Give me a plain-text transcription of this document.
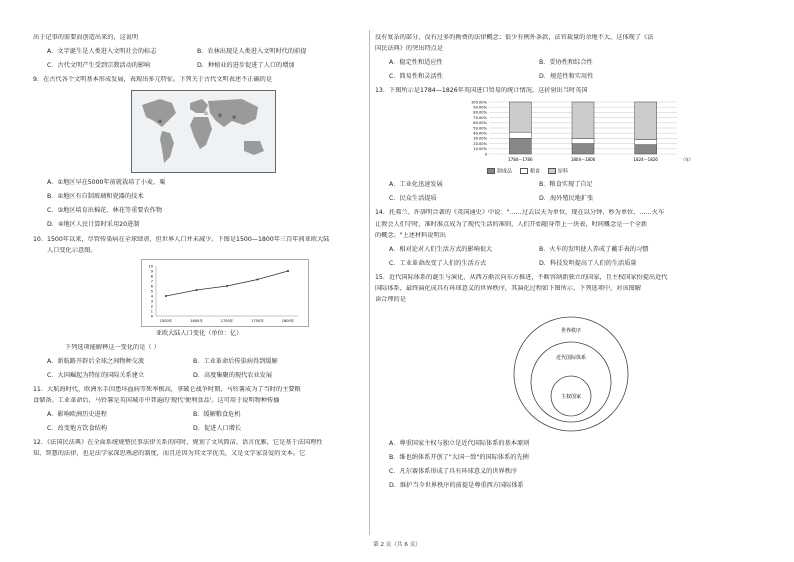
出于记事的需要而创造出来的，这说明

A．文字诞生是人类进入文明社会的标志	B．农林出现是人类进入文明时代的前提
C．古代文明产生受到宗教活动的影响	D．种植业的进步促进了人口的增加

9．在古代各个文明基本形成发展，表现出多元特征。下列关于古代文明表述不正确的是

① ② ③
④
A．①地区早在5000年前就栽培了小麦、粟
B．②地区有自制玻璃和瓷器的技术
C．③地区培育出棉花、林花等重要农作物
D．④地区人民计算时采用20进制

10．1500年以来，尽管传染病在全球肆虐，但世界人口并未减少。下图是1500—1800年三百年间亚欧大陆

人口变化示意图。

0
1
2
3
4
5
6
7
8
9
10
1500年	1600年	1700年	1750年	1800年
亚欧大陆人口变化（单位：亿）

下列选项能解释这一变化的是（ ）

A．新航路开辟后全球之间物种交流	B．工业革命后传染病得到缓解
C．大国崛起为特征的国际关系建立	D．高度集聚的现代农业发展

11．大航海时代，欧洲水手因患坏血病等死率极高，拿破仑战争时期，马铃薯成为了当时的主要粮

食储备。工业革命后，马铃薯是英国城市中普遍的'现代'便利食品'。这可用于说明物种传播

A．影响欧洲历史进程	B．缓解粮食危机
C．改变地方饮食结构	D．促进人口增长

12．《法国民法典》在全面系统规整民事法律关系的同时，规划了文风简洁、语言优雅，它是基于法国理性

知、智慧的法律，也是法学家深思熟虑的制度，而且还因为其文字优美，又是文学家喜爱的文本。它

没有复杂的部分，没有过多的拗费的法律概念；很少有例外条款，法官裁量的余地不大。这体现了《法

国民法典》的突出特点是

A．稳定性和适应性	B．妥协性和综合性
C．简易性和灵活性	D．规范性和实用性

13．下图所示是1784—1826年英国进口贸易的统计情况。这折射出当时英国

100.00%
90.00%
80.00%
70.00%
60.00%
50.00%
40.00%
30.00%
20.00%
10.00%
0
1784～1786	1804～1806	1824～1826	（年）
制成品	粮食	原料
A．工业化迅速发展	B．粮食实现了自足
C．民众生活提质	D．海外殖民地扩张

14．托弗兰、许洛明合著的《英国通史》中说："……过去以天为单位，现在以分钟、秒为单位，……火车

让教会人们守时，准时准点成为了现代生活的准则，人们开始随身带上一块表，时间概念是一个全新

的概念。"上述材料说明出

A．相对论对人们生活方式的影响很大	B．火车的发明使人养成了戴手表的习惯
C．工业革命改变了人们的生活方式	D．科技发明提高了人们的生活质量

15．近代国际体系的诞生与演化，从西方渐次向东方推进，不断容纳新独立的国家，且主权国家扮提出近代

国际体系，最终演化成具有环球意义的世界秩序，其演化过程如下图所示。下列选项中，对该图解

读合理的是

世界秩序
近代国际体系
主权国家
A．尊重国家主权与独立是近代国际体系的基本原则
B．维也纳体系开创了"大国一致"的国际体系的先例
C．凡尔赛体系形成了具有环球意义的世界秩序
D．维护当今世界秩序的前提是尊重西方国际体系
第 2 页（共 6 页）
